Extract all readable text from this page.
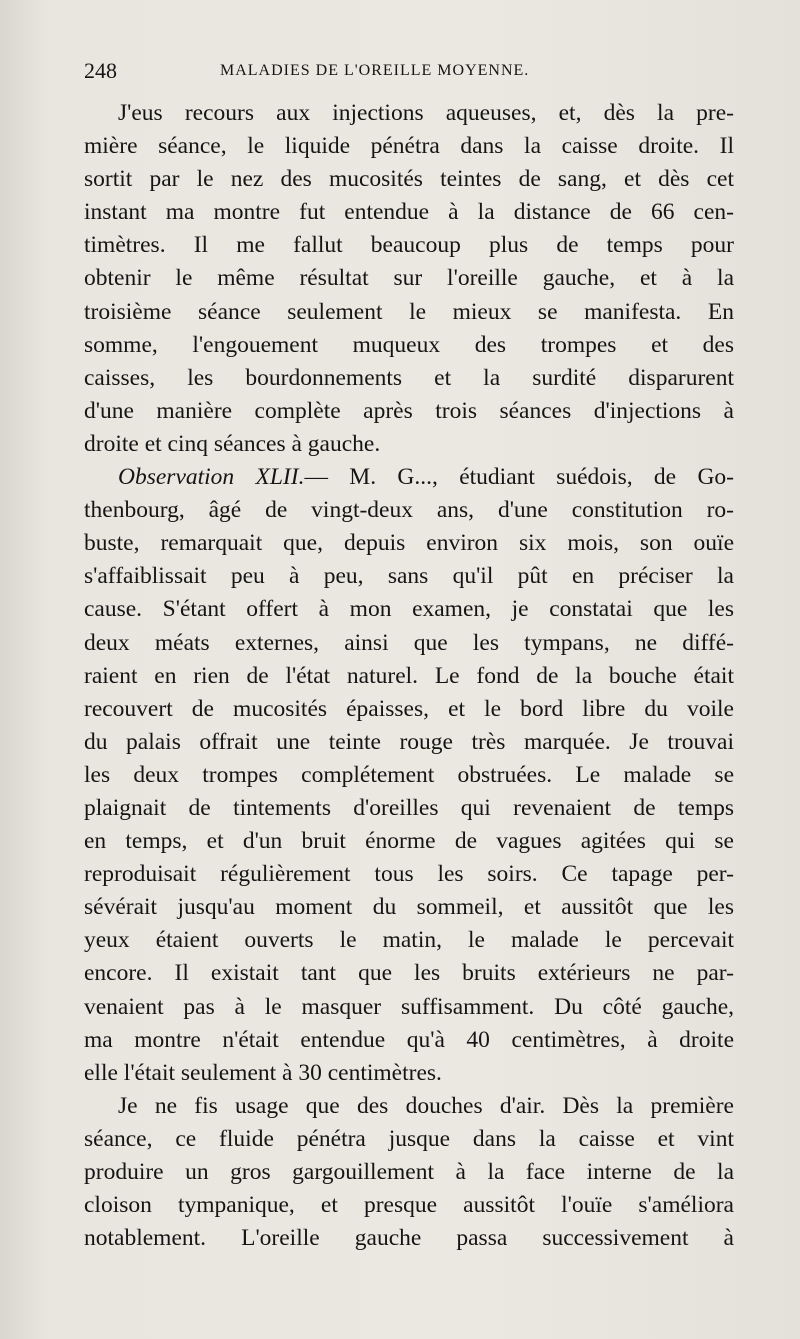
248	MALADIES DE L'OREILLE MOYENNE.
J'eus recours aux injections aqueuses, et, dès la pre-
mière séance, le liquide pénétra dans la caisse droite. Il
sortit par le nez des mucosités teintes de sang, et dès cet
instant ma montre fut entendue à la distance de 66 cen-
timètres. Il me fallut beaucoup plus de temps pour
obtenir le même résultat sur l'oreille gauche, et à la
troisième séance seulement le mieux se manifesta. En
somme, l'engouement muqueux des trompes et des
caisses, les bourdonnements et la surdité disparurent
d'une manière complète après trois séances d'injections à
droite et cinq séances à gauche.
Observation XLII.— M. G..., étudiant suédois, de Go-
thenbourg, âgé de vingt-deux ans, d'une constitution ro-
buste, remarquait que, depuis environ six mois, son ouïe
s'affaiblissait peu à peu, sans qu'il pût en préciser la
cause. S'étant offert à mon examen, je constatai que les
deux méats externes, ainsi que les tympans, ne diffé-
raient en rien de l'état naturel. Le fond de la bouche était
recouvert de mucosités épaisses, et le bord libre du voile
du palais offrait une teinte rouge très marquée. Je trouvai
les deux trompes complétement obstruées. Le malade se
plaignait de tintements d'oreilles qui revenaient de temps
en temps, et d'un bruit énorme de vagues agitées qui se
reproduisait régulièrement tous les soirs. Ce tapage per-
sévérait jusqu'au moment du sommeil, et aussitôt que les
yeux étaient ouverts le matin, le malade le percevait
encore. Il existait tant que les bruits extérieurs ne par-
venaient pas à le masquer suffisamment. Du côté gauche,
ma montre n'était entendue qu'à 40 centimètres, à droite
elle l'était seulement à 30 centimètres.
Je ne fis usage que des douches d'air. Dès la première
séance, ce fluide pénétra jusque dans la caisse et vint
produire un gros gargouillement à la face interne de la
cloison tympanique, et presque aussitôt l'ouïe s'améliora
notablement. L'oreille gauche passa successivement à
